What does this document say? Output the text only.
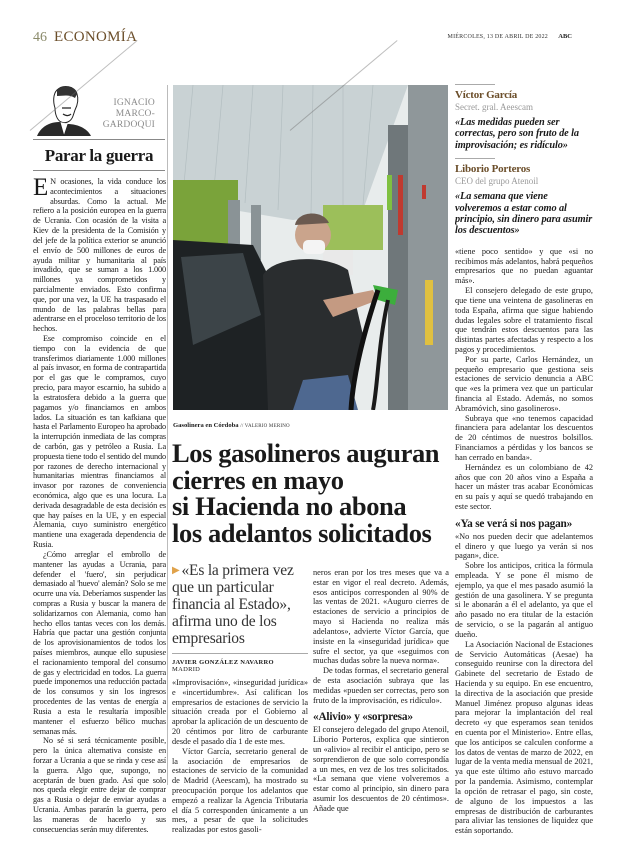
46 ECONOMÍA	MIÉRCOLES, 13 DE ABRIL DE 2022 ABC
IGNACIO
MARCO-
GARDOQUI
Parar la guerra

E N ocasiones, la vida conduce los acontecimientos a situaciones absurdas. Como la actual. Me refiero a la posición europea en la guerra de Ucrania. Con ocasión de la visita a Kiev de la presidenta de la Comisión y del jefe de la política exterior se anunció el envío de 500 millones de euros de ayuda militar y humanitaria al país invadido, que se suman a los 1.000 millones ya comprometidos y parcialmente enviados. Esto confirma que, por una vez, la UE ha traspasado el mundo de las palabras bellas para adentrarse en el proceloso territorio de los hechos.

Ese compromiso coincide en el tiempo con la evidencia de que transferimos diariamente 1.000 millones al país invasor, en forma de contrapartida por el gas que le compramos, cuyo precio, para mayor escarnio, ha subido a la estratosfera debido a la guerra que pagamos y/o financiamos en ambos lados. La situación es tan kafkiana que hasta el Parlamento Europeo ha aprobado la interrupción inmediata de las compras de carbón, gas y petróleo a Rusia. La propuesta tiene todo el sentido del mundo por razones de derecho internacional y humanitarias mientras financiamos al invasor por razones de conveniencia económica, algo que es una locura. La derivada desagradable de esta decisión es que hay países en la UE, y en especial Alemania, cuyo suministro energético mantiene una exagerada dependencia de Rusia.

¿Cómo arreglar el embrollo de mantener las ayudas a Ucrania, para defender el 'fuero', sin perjudicar demasiado al 'huevo' alemán? Solo se me ocurre una vía. Deberíamos suspender las compras a Rusia y buscar la manera de solidarizarnos con Alemania, como han hecho ellos tantas veces con los demás. Habría que pactar una gestión conjunta de los aprovisionamientos de todos los países miembros, aunque ello supusiese el racionamiento temporal del consumo de gas y electricidad en todos. La guerra puede imponernos una reducción pactada de los consumos y sin los ingresos procedentes de las ventas de energía a Rusia a esta le resultaría imposible mantener el esfuerzo bélico muchas semanas más.

No sé si será técnicamente posible, pero la única alternativa consiste en forzar a Ucrania a que se rinda y cese así la guerra. Algo que, supongo, no aceptarán de buen grado. Así que solo nos queda elegir entre dejar de comprar gas a Rusia o dejar de enviar ayudas a Ucrania. Ambas pararán la guerra, pero las maneras de hacerlo y sus consecuencias serán muy diferentes.

Gasolinera en Córdoba // VALERIO MERINO
Los gasolineros auguran
cierres en mayo
si Hacienda no abona
los adelantos solicitados
▶ «Es la primera vez que un particular financia al Estado», afirma uno de los empresarios
JAVIER GONZÁLEZ NAVARRO
MADRID

«Improvisación», «inseguridad jurídica» e «incertidumbre». Así califican los empresarios de estaciones de servicio la situación creada por el Gobierno al aprobar la aplicación de un descuento de 20 céntimos por litro de carburante desde el pasado día 1 de este mes.

Víctor García, secretario general de la asociación de empresarios de estaciones de servicio de la comunidad de Madrid (Aeescam), ha mostrado su preocupación porque los adelantos que empezó a realizar la Agencia Tributaria el día 5 corresponden únicamente a un mes, a pesar de que la solicitudes realizadas por estos gasoli-

neros eran por los tres meses que va a estar en vigor el real decreto. Además, esos anticipos corresponden al 90% de las ventas de 2021. «Auguro cierres de estaciones de servicio a principios de mayo si Hacienda no realiza más adelantos», advierte Víctor García, que insiste en la «inseguridad jurídica» que sufre el sector, ya que «seguimos con muchas dudas sobre la nueva norma».

De todas formas, el secretario general de esta asociación subraya que las medidas «pueden ser correctas, pero son fruto de la improvisación, es ridículo».

«Alivio» y «sorpresa»

El consejero delegado del grupo Atenoil, Liborio Porteros, explica que sintieron un «alivio» al recibir el anticipo, pero se sorprendieron de que solo correspondía a un mes, en vez de los tres solicitados. «La semana que viene volveremos a estar como al principio, sin dinero para asumir los descuentos de 20 céntimos». Añade que

Víctor García
Secret. gral. Aeescam
«Las medidas pueden ser correctas, pero son fruto de la improvisación; es ridículo»
Liborio Porteros
CEO del grupo Atenoil
«La semana que viene volveremos a estar como al principio, sin dinero para asumir los descuentos»

«tiene poco sentido» y que «si no recibimos más adelantos, habrá pequeños empresarios que no puedan aguantar más».

El consejero delegado de este grupo, que tiene una veintena de gasolineras en toda España, afirma que sigue habiendo dudas legales sobre el tratamiento fiscal que tendrán estos descuentos para las distintas partes afectadas y respecto a los pagos y procedimientos.

Por su parte, Carlos Hernández, un pequeño empresario que gestiona seis estaciones de servicio denuncia a ABC que «es la primera vez que un particular financia al Estado. Además, no somos Abramóvich, sino gasolineros».

Subraya que «no tenemos capacidad financiera para adelantar los descuentos de 20 céntimos de nuestros bolsillos. Financiamos a pérdidas y los bancos se han cerrado en banda».

Hernández es un colombiano de 42 años que con 20 años vino a España a hacer un máster tras acabar Económicas en su país y aquí se quedó trabajando en este sector.

«Ya se verá si nos pagan»

«No nos pueden decir que adelantemos el dinero y que luego ya verán si nos pagan», dice.

Sobre los anticipos, critica la fórmula empleada. Y se pone él mismo de ejemplo, ya que el mes pasado asumió la gestión de una gasolinera. Y se pregunta si le abonarán a él el adelanto, ya que el año pasado no era titular de la estación de servicio, o se la pagarán al antiguo dueño.

La Asociación Nacional de Estaciones de Servicio Automáticas (Aesae) ha conseguido reunirse con la directora del Gabinete del secretario de Estado de Hacienda y su equipo. En ese encuentro, la directiva de la asociación que preside Manuel Jiménez propuso algunas ideas para mejorar la implantación del real decreto «y que esperamos sean tenidos en cuenta por el Ministerio». Entre ellas, que los anticipos se calculen conforme a los datos de ventas de marzo de 2022, en lugar de la venta media mensual de 2021, ya que este último año estuvo marcado por la pandemia. Asimismo, contemplar la opción de retrasar el pago, sin coste, de alguno de los impuestos a las empresas de distribución de carburantes para aliviar las tensiones de liquidez que están soportando.
